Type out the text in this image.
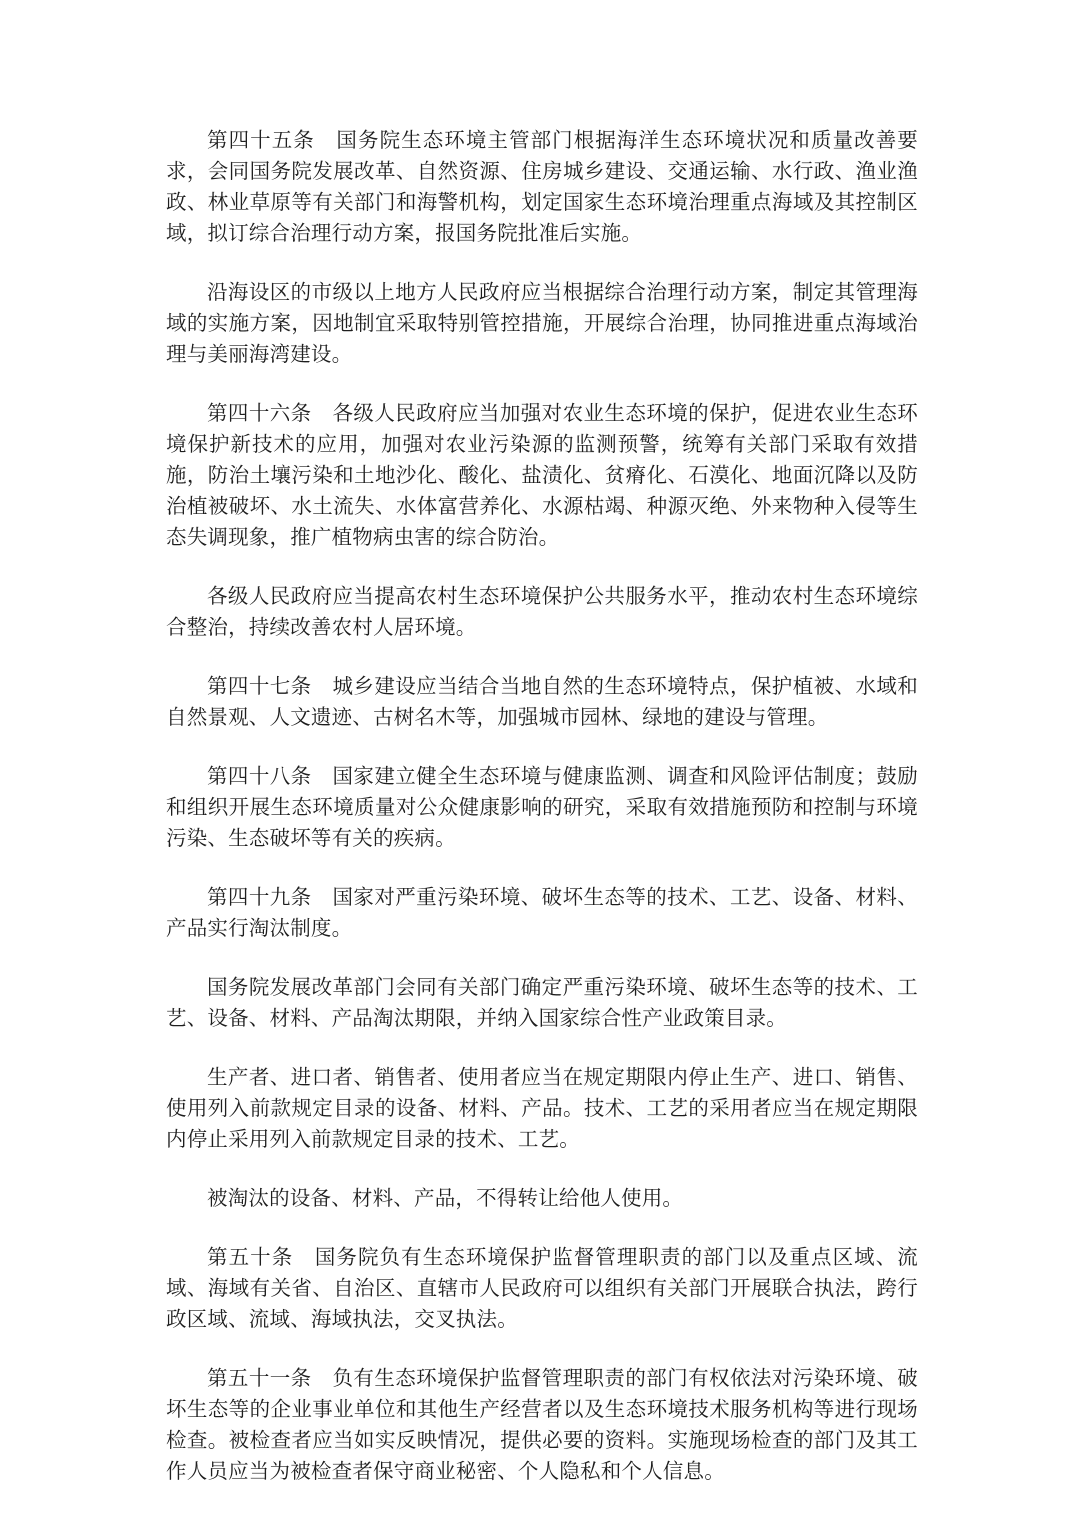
第四十五条　国务院生态环境主管部门根据海洋生态环境状况和质量改善要求，会同国务院发展改革、自然资源、住房城乡建设、交通运输、水行政、渔业渔政、林业草原等有关部门和海警机构，划定国家生态环境治理重点海域及其控制区域，拟订综合治理行动方案，报国务院批准后实施。

沿海设区的市级以上地方人民政府应当根据综合治理行动方案，制定其管理海域的实施方案，因地制宜采取特别管控措施，开展综合治理，协同推进重点海域治理与美丽海湾建设。

第四十六条　各级人民政府应当加强对农业生态环境的保护，促进农业生态环境保护新技术的应用，加强对农业污染源的监测预警，统筹有关部门采取有效措施，防治土壤污染和土地沙化、酸化、盐渍化、贫瘠化、石漠化、地面沉降以及防治植被破坏、水土流失、水体富营养化、水源枯竭、种源灭绝、外来物种入侵等生态失调现象，推广植物病虫害的综合防治。

各级人民政府应当提高农村生态环境保护公共服务水平，推动农村生态环境综合整治，持续改善农村人居环境。

第四十七条　城乡建设应当结合当地自然的生态环境特点，保护植被、水域和自然景观、人文遗迹、古树名木等，加强城市园林、绿地的建设与管理。

第四十八条　国家建立健全生态环境与健康监测、调查和风险评估制度；鼓励和组织开展生态环境质量对公众健康影响的研究，采取有效措施预防和控制与环境污染、生态破坏等有关的疾病。

第四十九条　国家对严重污染环境、破坏生态等的技术、工艺、设备、材料、产品实行淘汰制度。

国务院发展改革部门会同有关部门确定严重污染环境、破坏生态等的技术、工艺、设备、材料、产品淘汰期限，并纳入国家综合性产业政策目录。

生产者、进口者、销售者、使用者应当在规定期限内停止生产、进口、销售、使用列入前款规定目录的设备、材料、产品。技术、工艺的采用者应当在规定期限内停止采用列入前款规定目录的技术、工艺。

被淘汰的设备、材料、产品，不得转让给他人使用。

第五十条　国务院负有生态环境保护监督管理职责的部门以及重点区域、流域、海域有关省、自治区、直辖市人民政府可以组织有关部门开展联合执法，跨行政区域、流域、海域执法，交叉执法。

第五十一条　负有生态环境保护监督管理职责的部门有权依法对污染环境、破坏生态等的企业事业单位和其他生产经营者以及生态环境技术服务机构等进行现场检查。被检查者应当如实反映情况，提供必要的资料。实施现场检查的部门及其工作人员应当为被检查者保守商业秘密、个人隐私和个人信息。
